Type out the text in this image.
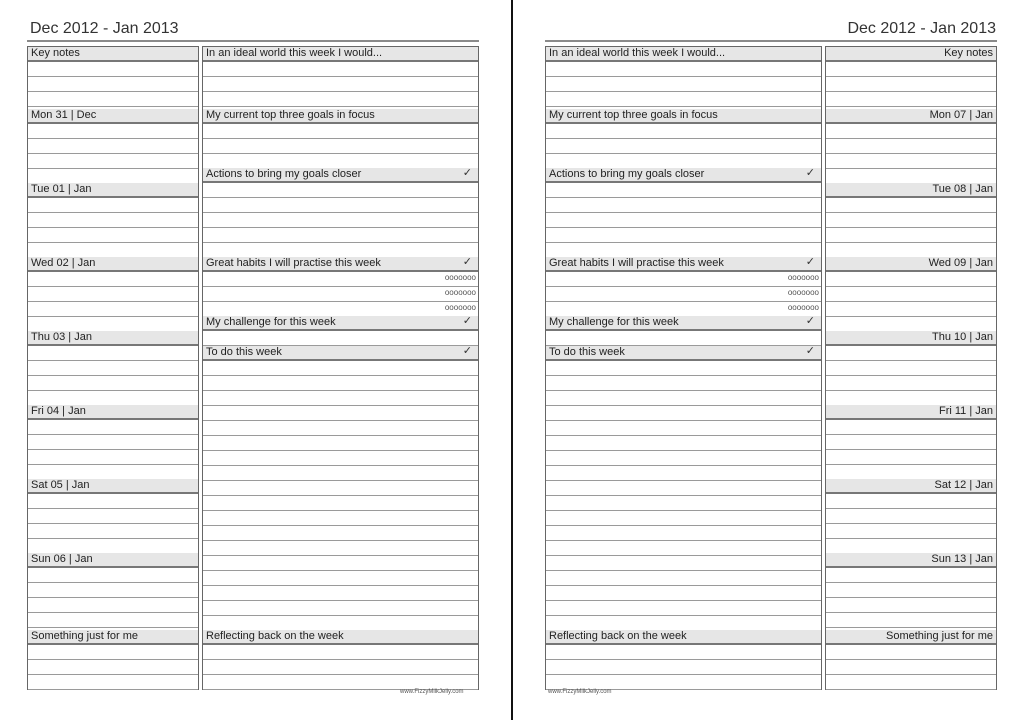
Dec 2012 - Jan 2013
Key notes
Mon 31 | Dec
Tue 01 | Jan
Wed 02 | Jan
Thu 03 | Jan
Fri 04 | Jan
Sat 05 | Jan
Sun 06 | Jan
Something just for me
In an ideal world this week I would...
My current top three goals in focus
Actions to bring my goals closer	✓
Great habits I will practise this week	✓
ooooooo
ooooooo
ooooooo
My challenge for this week	✓
To do this week	✓
Reflecting back on the week
www.FizzyMilkJelly.com
Dec 2012 - Jan 2013
In an ideal world this week I would...
My current top three goals in focus
Actions to bring my goals closer	✓
Great habits I will practise this week	✓
ooooooo
ooooooo
ooooooo
My challenge for this week	✓
To do this week	✓
Reflecting back on the week
Key notes
Mon 07 | Jan
Tue 08 | Jan
Wed 09 | Jan
Thu 10 | Jan
Fri 11 | Jan
Sat 12 | Jan
Sun 13 | Jan
Something just for me
www.FizzyMilkJelly.com
